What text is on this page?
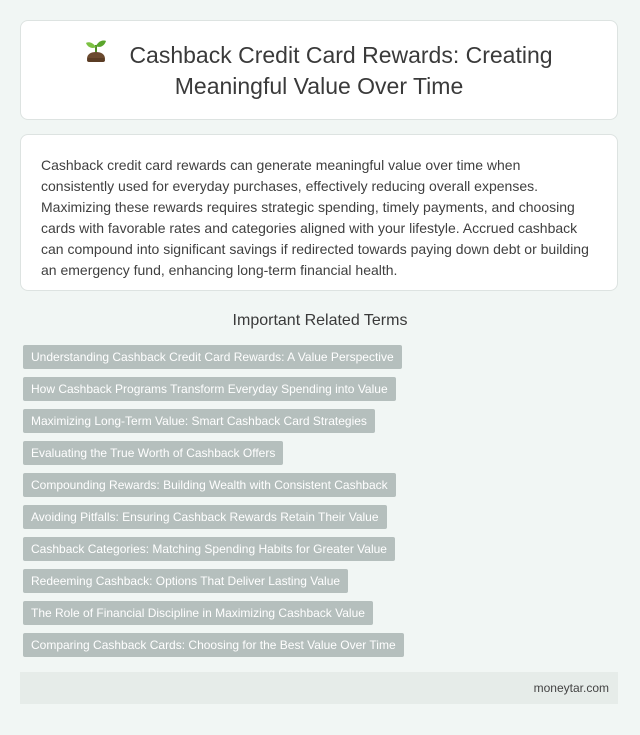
Cashback Credit Card Rewards: Creating Meaningful Value Over Time

Cashback credit card rewards can generate meaningful value over time when consistently used for everyday purchases, effectively reducing overall expenses. Maximizing these rewards requires strategic spending, timely payments, and choosing cards with favorable rates and categories aligned with your lifestyle. Accrued cashback can compound into significant savings if redirected towards paying down debt or building an emergency fund, enhancing long-term financial health.

Important Related Terms
Understanding Cashback Credit Card Rewards: A Value Perspective
How Cashback Programs Transform Everyday Spending into Value
Maximizing Long-Term Value: Smart Cashback Card Strategies
Evaluating the True Worth of Cashback Offers
Compounding Rewards: Building Wealth with Consistent Cashback
Avoiding Pitfalls: Ensuring Cashback Rewards Retain Their Value
Cashback Categories: Matching Spending Habits for Greater Value
Redeeming Cashback: Options That Deliver Lasting Value
The Role of Financial Discipline in Maximizing Cashback Value
Comparing Cashback Cards: Choosing for the Best Value Over Time
moneytar.com
